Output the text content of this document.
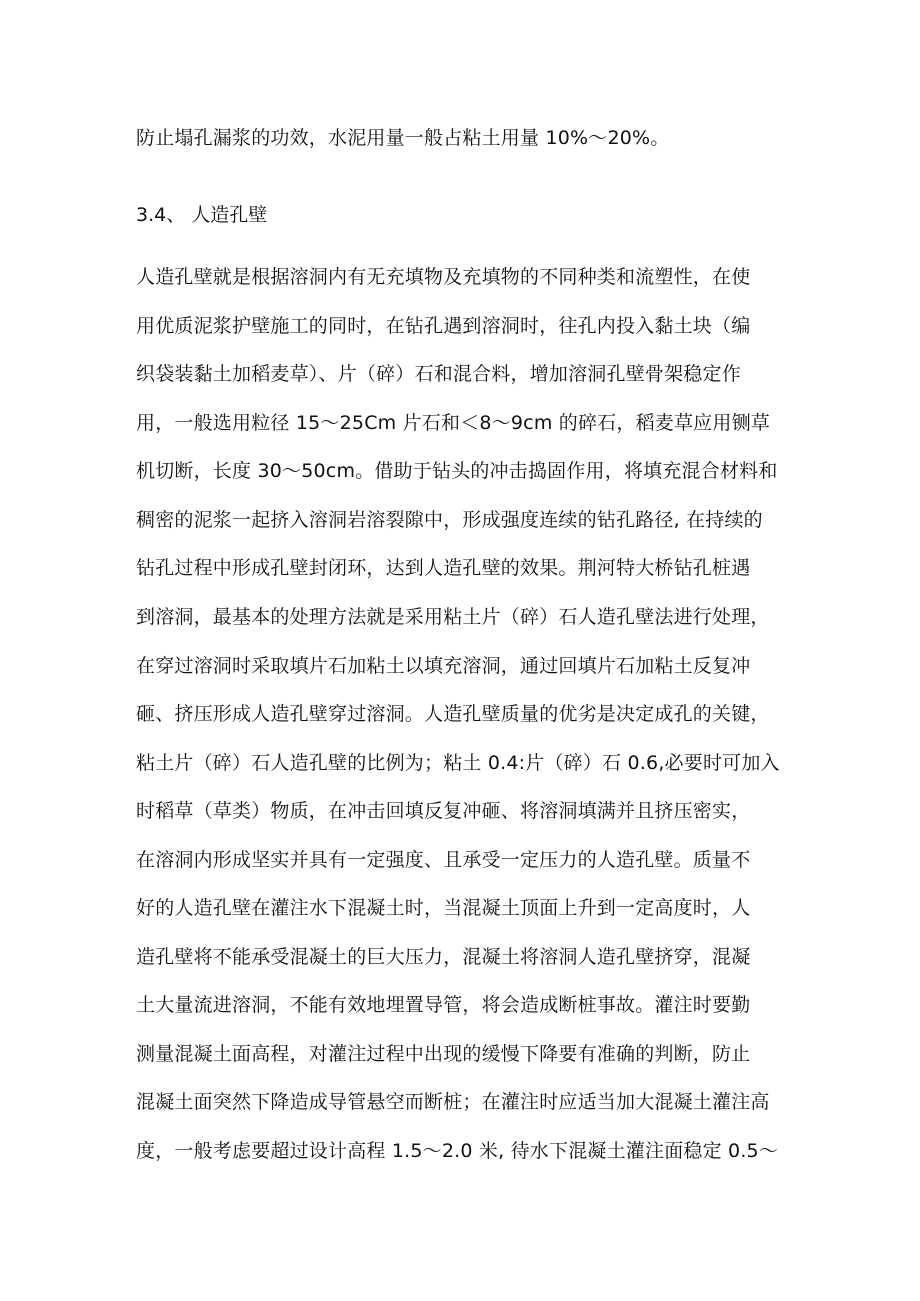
防止塌孔漏浆的功效，水泥用量一般占粘土用量 10%～20%。
3.4、 人造孔壁
人造孔壁就是根据溶洞内有无充填物及充填物的不同种类和流塑性，在使
用优质泥浆护壁施工的同时，在钻孔遇到溶洞时，往孔内投入黏土块（编
织袋装黏土加稻麦草）、片（碎）石和混合料，增加溶洞孔壁骨架稳定作
用，一般选用粒径 15～25Cm 片石和＜8～9cm 的碎石，稻麦草应用铡草
机切断，长度 30～50cm。借助于钻头的冲击捣固作用，将填充混合材料和
稠密的泥浆一起挤入溶洞岩溶裂隙中，形成强度连续的钻孔路径, 在持续的
钻孔过程中形成孔壁封闭环，达到人造孔壁的效果。荆河特大桥钻孔桩遇
到溶洞，最基本的处理方法就是采用粘土片（碎）石人造孔壁法进行处理，
在穿过溶洞时采取填片石加粘土以填充溶洞，通过回填片石加粘土反复冲
砸、挤压形成人造孔壁穿过溶洞。人造孔壁质量的优劣是决定成孔的关键，
粘土片（碎）石人造孔壁的比例为；粘土 0.4:片（碎）石 0.6,必要时可加入
时稻草（草类）物质，在冲击回填反复冲砸、将溶洞填满并且挤压密实，
在溶洞内形成坚实并具有一定强度、且承受一定压力的人造孔壁。质量不
好的人造孔壁在灌注水下混凝土时，当混凝土顶面上升到一定高度时，人
造孔壁将不能承受混凝土的巨大压力，混凝土将溶洞人造孔壁挤穿，混凝
土大量流进溶洞，不能有效地埋置导管，将会造成断桩事故。灌注时要勤
测量混凝土面高程，对灌注过程中出现的缓慢下降要有准确的判断，防止
混凝土面突然下降造成导管悬空而断桩；在灌注时应适当加大混凝土灌注高
度，一般考虑要超过设计高程 1.5～2.0 米, 待水下混凝土灌注面稳定 0.5～
